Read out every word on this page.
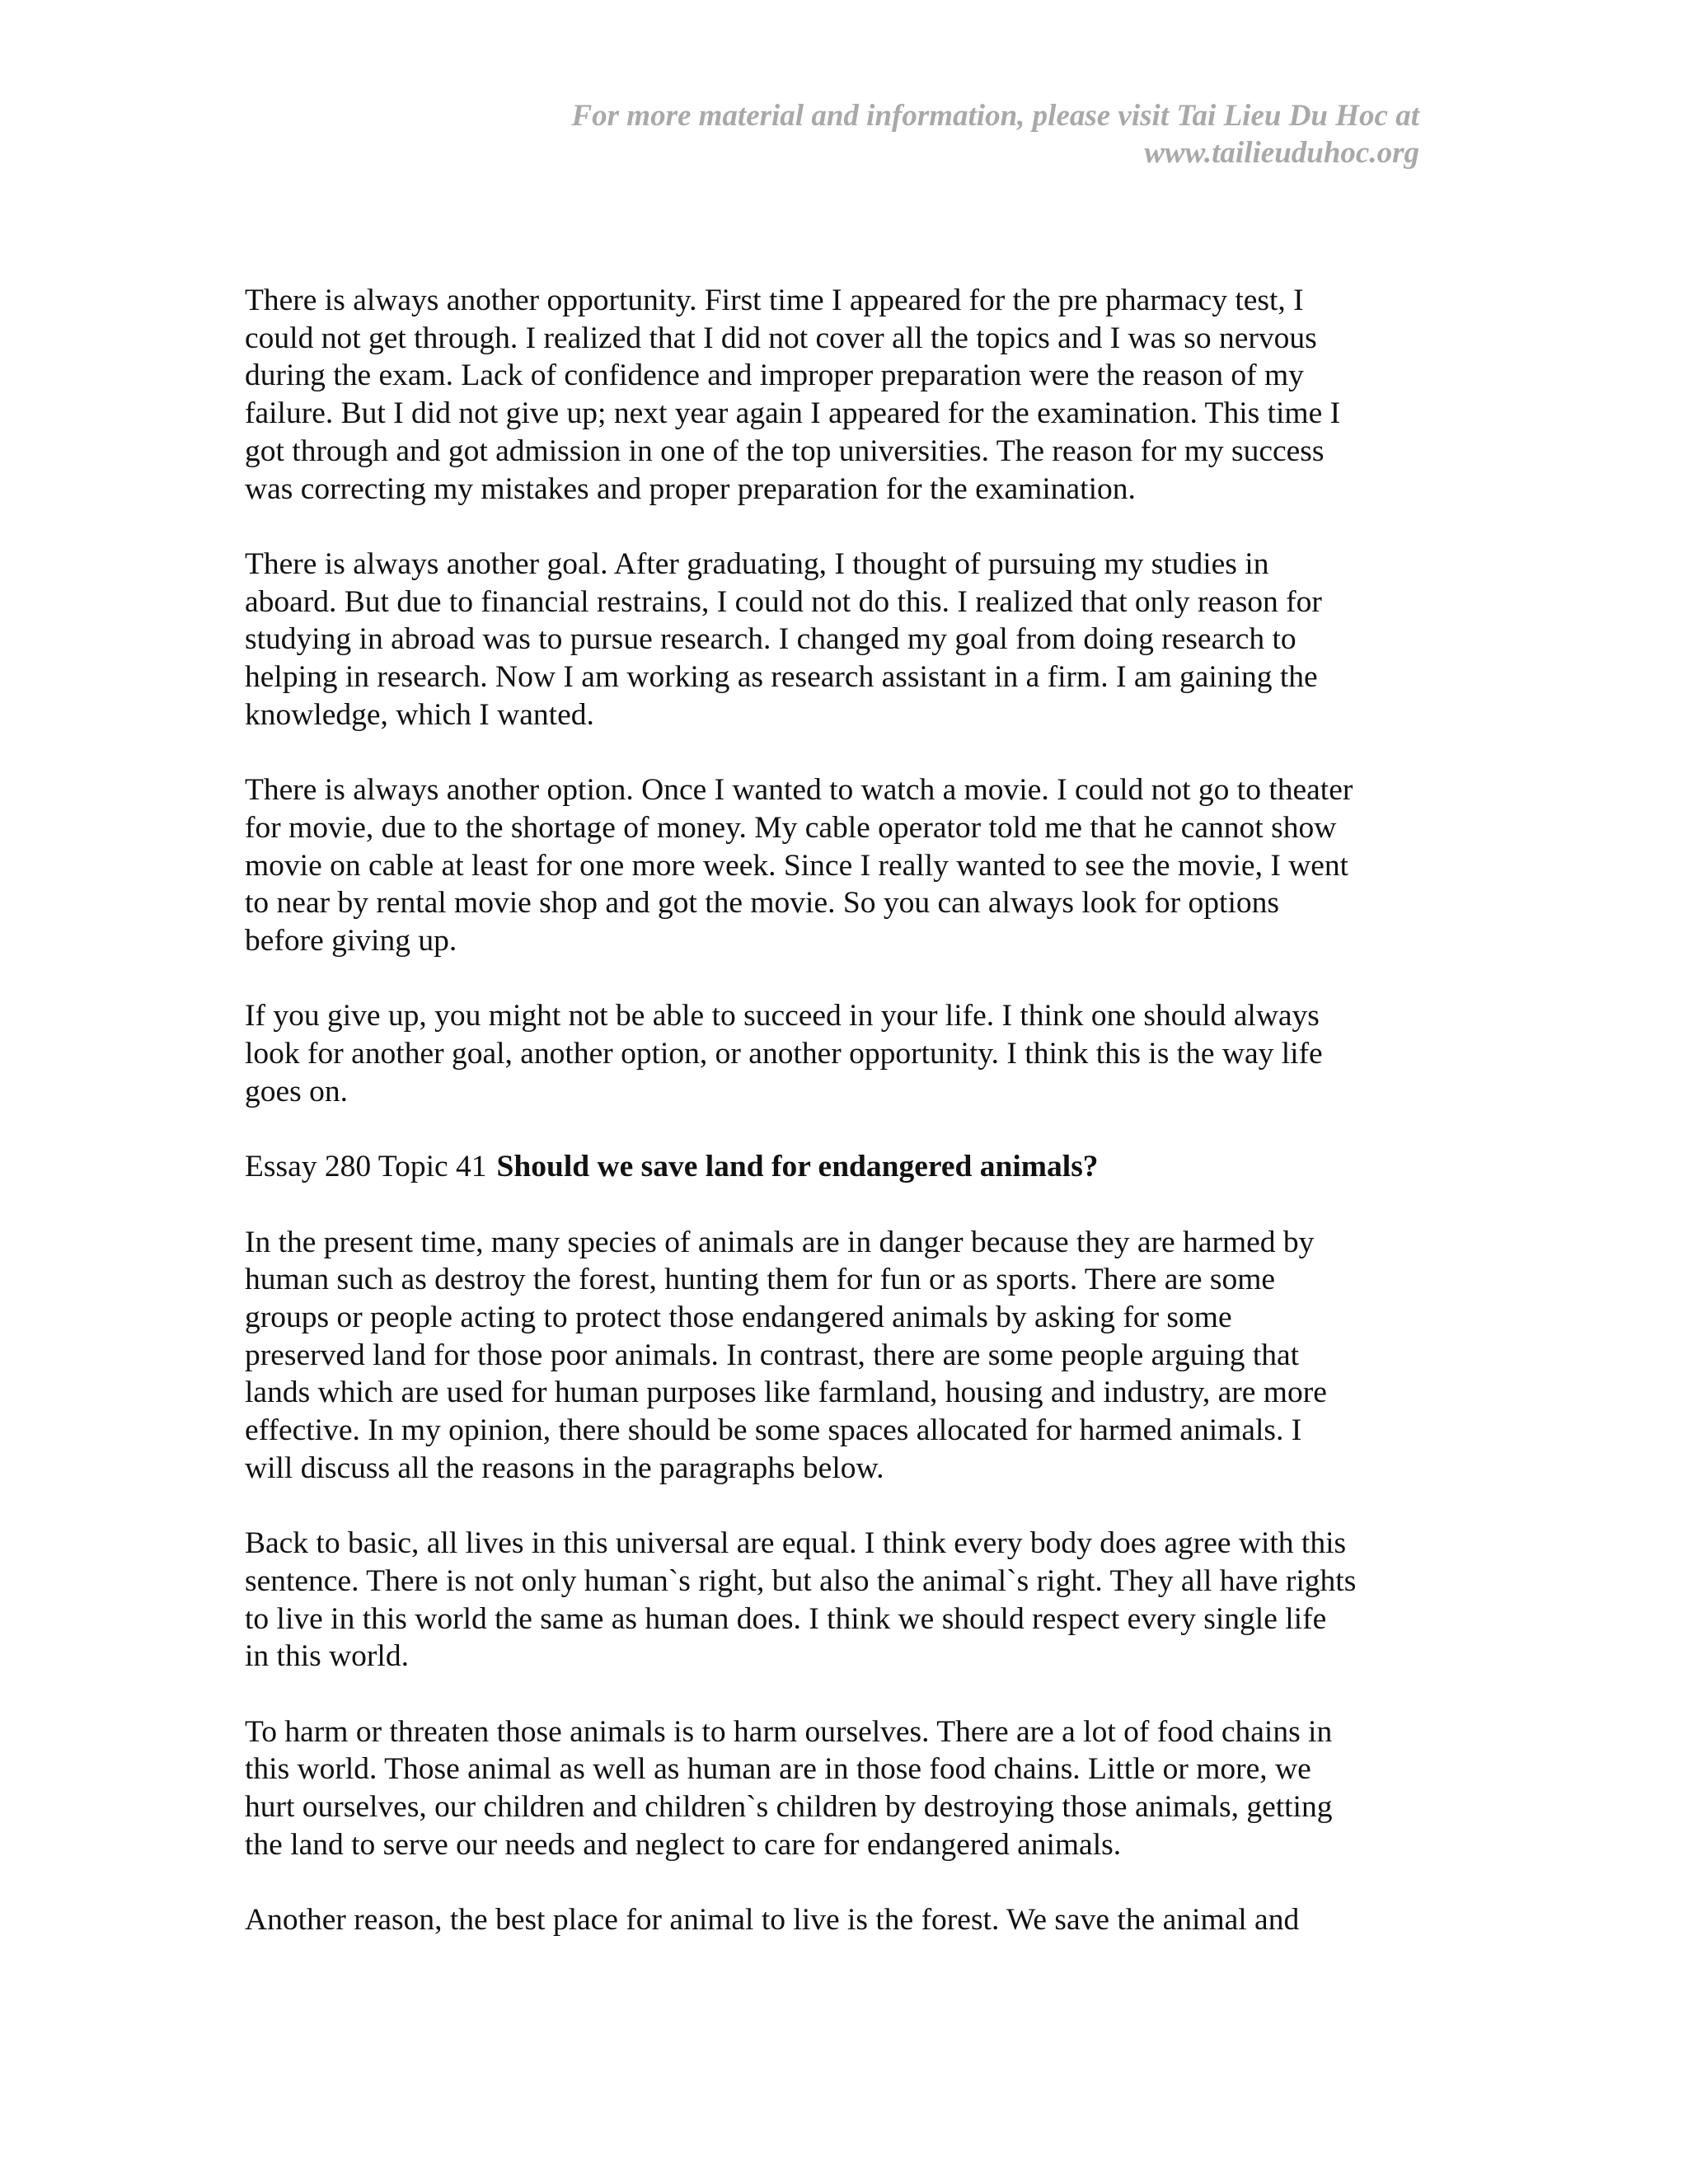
For more material and information, please visit Tai Lieu Du Hoc at
www.tailieuduhoc.org

There is always another opportunity. First time I appeared for the pre pharmacy test, I
could not get through. I realized that I did not cover all the topics and I was so nervous
during the exam. Lack of confidence and improper preparation were the reason of my
failure. But I did not give up; next year again I appeared for the examination. This time I
got through and got admission in one of the top universities. The reason for my success
was correcting my mistakes and proper preparation for the examination.

There is always another goal. After graduating, I thought of pursuing my studies in
aboard. But due to financial restrains, I could not do this. I realized that only reason for
studying in abroad was to pursue research. I changed my goal from doing research to
helping in research. Now I am working as research assistant in a firm. I am gaining the
knowledge, which I wanted.

There is always another option. Once I wanted to watch a movie. I could not go to theater
for movie, due to the shortage of money. My cable operator told me that he cannot show
movie on cable at least for one more week. Since I really wanted to see the movie, I went
to near by rental movie shop and got the movie. So you can always look for options
before giving up.

If you give up, you might not be able to succeed in your life. I think one should always
look for another goal, another option, or another opportunity. I think this is the way life
goes on.

Essay 280 Topic 41 Should we save land for endangered animals?

In the present time, many species of animals are in danger because they are harmed by
human such as destroy the forest, hunting them for fun or as sports. There are some
groups or people acting to protect those endangered animals by asking for some
preserved land for those poor animals. In contrast, there are some people arguing that
lands which are used for human purposes like farmland, housing and industry, are more
effective. In my opinion, there should be some spaces allocated for harmed animals. I
will discuss all the reasons in the paragraphs below.

Back to basic, all lives in this universal are equal. I think every body does agree with this
sentence. There is not only human`s right, but also the animal`s right. They all have rights
to live in this world the same as human does. I think we should respect every single life
in this world.

To harm or threaten those animals is to harm ourselves. There are a lot of food chains in
this world. Those animal as well as human are in those food chains. Little or more, we
hurt ourselves, our children and children`s children by destroying those animals, getting
the land to serve our needs and neglect to care for endangered animals.

Another reason, the best place for animal to live is the forest. We save the animal and
